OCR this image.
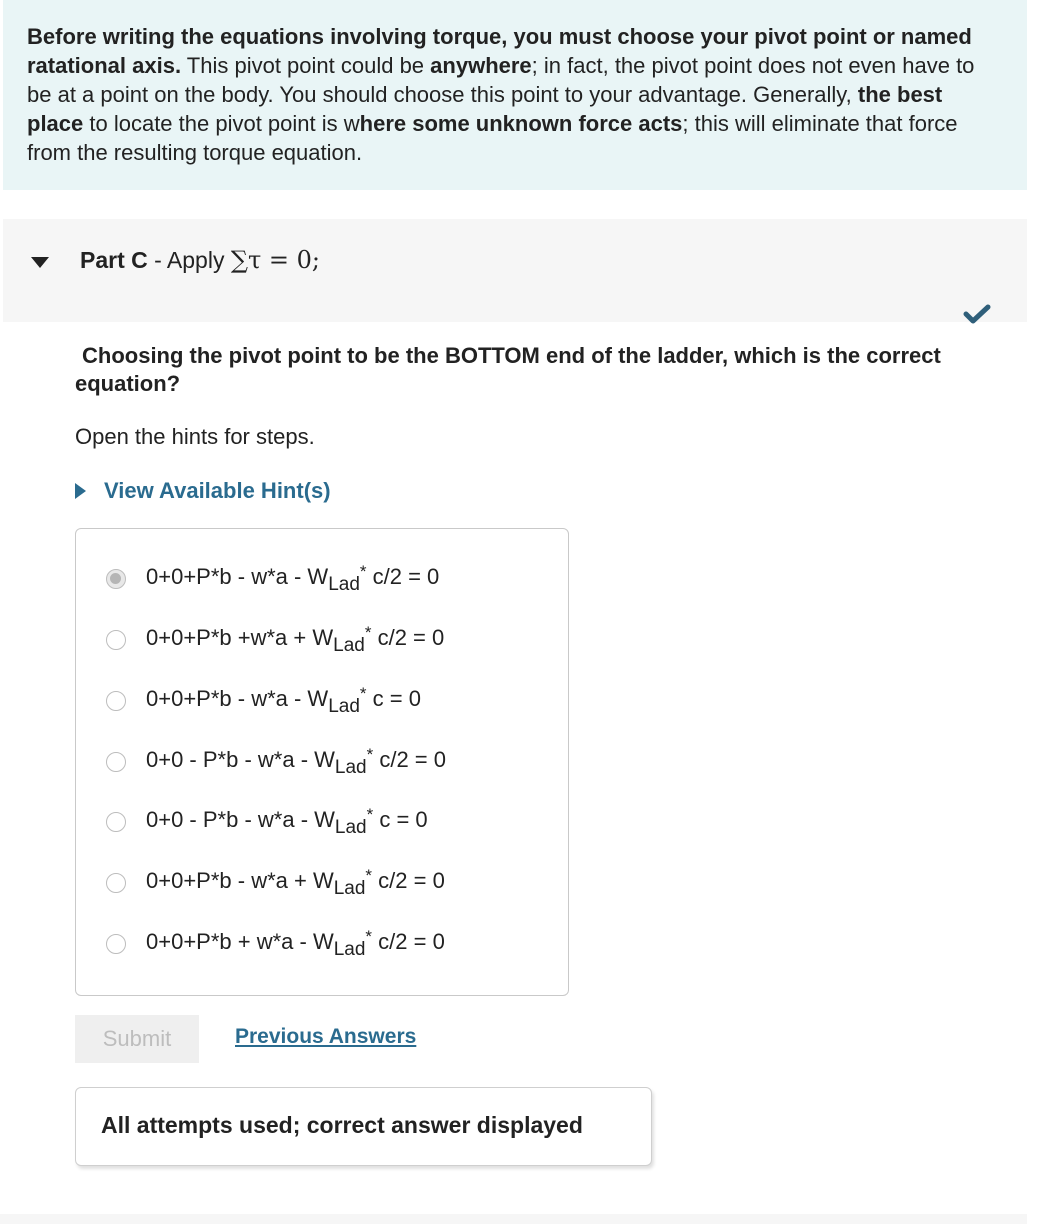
Before writing the equations involving torque, you must choose your pivot point or named ratational axis. This pivot point could be anywhere; in fact, the pivot point does not even have to be at a point on the body. You should choose this point to your advantage. Generally, the best place to locate the pivot point is where some unknown force acts; this will eliminate that force from the resulting torque equation.
Part C - Apply ∑τ = 0;
Choosing the pivot point to be the BOTTOM end of the ladder, which is the correct equation?
Open the hints for steps.
View Available Hint(s)
$0+0+P*b - w*a - W_{Lad}^*$ c/2 = 0
$0+0+P*b +w*a + W_{Lad}^*$ c/2 = 0
$0+0+P*b - w*a - W_{Lad}^*$ c = 0
$0+0 - P*b - w*a - W_{Lad}^*$ c/2 = 0
$0+0 - P*b - w*a - W_{Lad}^*$ c = 0
$0+0+P*b - w*a + W_{Lad}^*$ c/2 = 0
$0+0+P*b + w*a - W_{Lad}^*$ c/2 = 0
Submit	Previous Answers
All attempts used; correct answer displayed
